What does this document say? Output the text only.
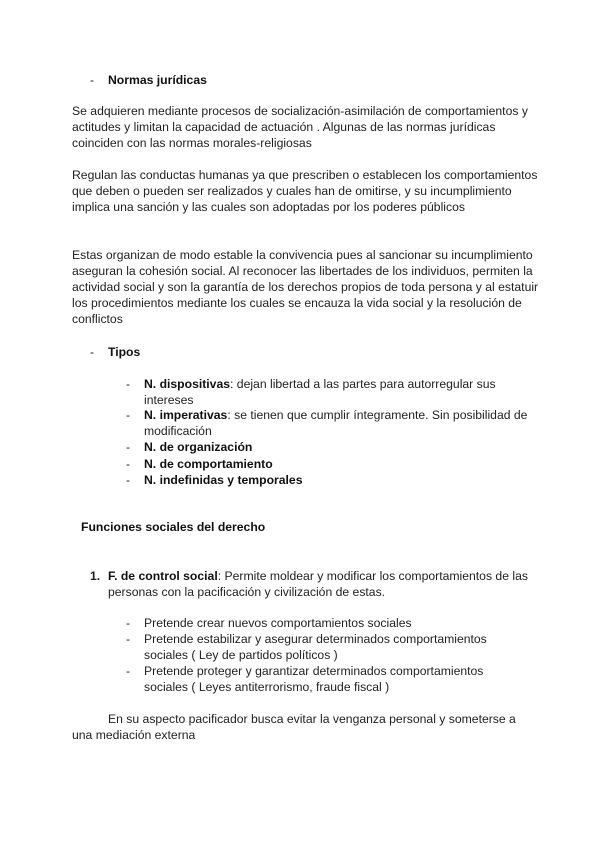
-	Normas jurídicas

Se adquieren mediante procesos de socialización-asimilación de comportamientos y actitudes y limitan la capacidad de actuación . Algunas de las normas jurídicas coinciden con las normas morales-religiosas

Regulan las conductas humanas ya que prescriben o establecen los comportamientos que deben o pueden ser realizados y cuales han de omitirse, y su incumplimiento implica una sanción y las cuales son adoptadas por los poderes públicos

Estas organizan de modo estable la convivencia pues al sancionar su incumplimiento aseguran la cohesión social. Al reconocer las libertades de los individuos, permiten la actividad social y son la garantía de los derechos propios de toda persona y al estatuir los procedimientos mediante los cuales se encauza la vida social y la resolución de conflictos

-	Tipos
-	N. dispositivas: dejan libertad a las partes para autorregular sus intereses
-	N. imperativas: se tienen que cumplir íntegramente. Sin posibilidad de modificación
-	N. de organización
-	N. de comportamiento
-	N. indefinidas y temporales
Funciones sociales del derecho
1. F. de control social: Permite moldear y modificar los comportamientos de las personas con la pacificación y civilización de estas.
-	Pretende crear nuevos comportamientos sociales
-	Pretende estabilizar y asegurar determinados comportamientos sociales ( Ley de partidos políticos )
-	Pretende proteger y garantizar determinados comportamientos sociales ( Leyes antiterrorismo, fraude fiscal )

En su aspecto pacificador busca evitar la venganza personal y someterse a una mediación externa
